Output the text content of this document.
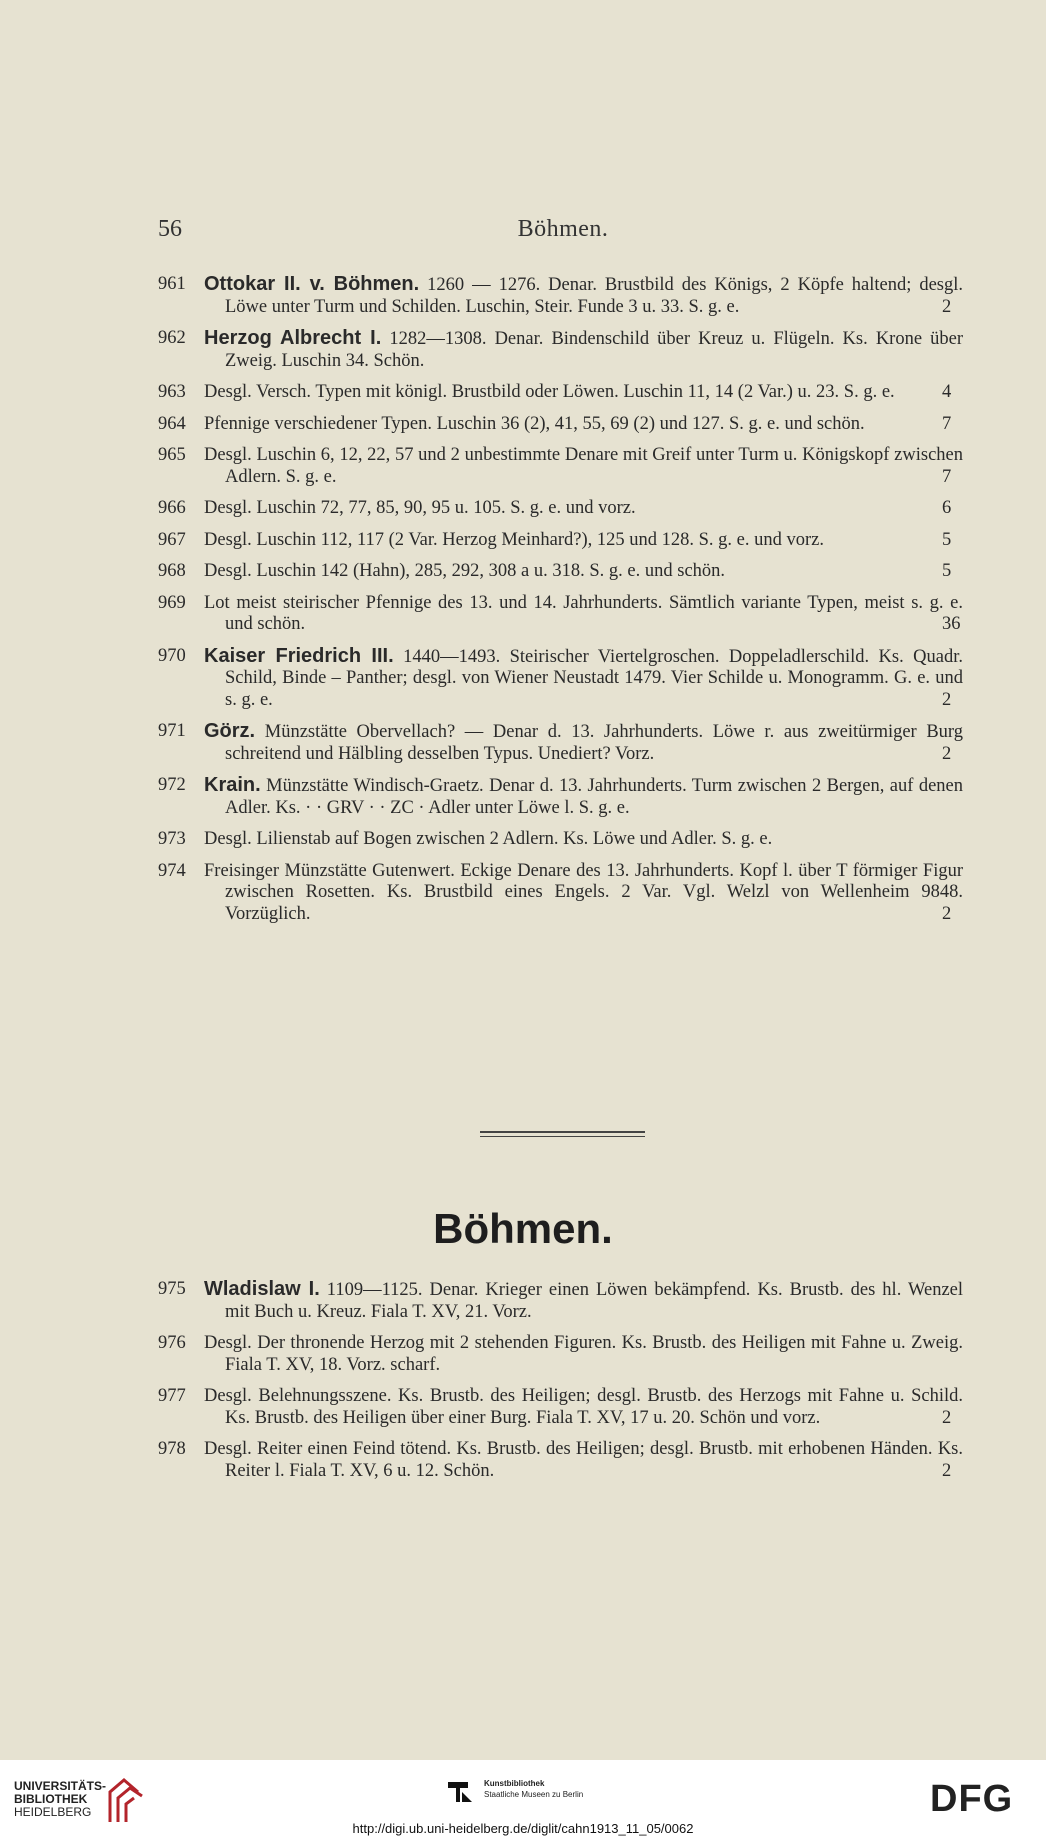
56	Böhmen.
961 Ottokar II. v. Böhmen. 1260 — 1276. Denar. Brustbild des Königs, 2 Köpfe haltend; desgl. Löwe unter Turm und Schilden. Luschin, Steir. Funde 3 u. 33. S. g. e.	2
962 Herzog Albrecht I. 1282—1308. Denar. Bindenschild über Kreuz u. Flügeln. Ks. Krone über Zweig. Luschin 34. Schön.
963 Desgl. Versch. Typen mit königl. Brustbild oder Löwen. Luschin 11, 14 (2 Var.) u. 23. S. g. e.	4
964 Pfennige verschiedener Typen. Luschin 36 (2), 41, 55, 69 (2) und 127. S. g. e. und schön.	7
965 Desgl. Luschin 6, 12, 22, 57 und 2 unbestimmte Denare mit Greif unter Turm u. Königskopf zwischen Adlern. S. g. e.	7
966 Desgl. Luschin 72, 77, 85, 90, 95 u. 105. S. g. e. und vorz.	6
967 Desgl. Luschin 112, 117 (2 Var. Herzog Meinhard?), 125 und 128. S. g. e. und vorz.	5
968 Desgl. Luschin 142 (Hahn), 285, 292, 308 a u. 318. S. g. e. und schön.	5
969 Lot meist steirischer Pfennige des 13. und 14. Jahrhunderts. Sämtlich variante Typen, meist s. g. e. und schön.	36
970 Kaiser Friedrich III. 1440—1493. Steirischer Viertelgroschen. Doppeladlerschild. Ks. Quadr. Schild, Binde – Panther; desgl. von Wiener Neustadt 1479. Vier Schilde u. Monogramm. G. e. und s. g. e.	2
971 Görz. Münzstätte Obervellach? — Denar d. 13. Jahrhunderts. Löwe r. aus zweitürmiger Burg schreitend und Hälbling desselben Typus. Unediert? Vorz.	2
972 Krain. Münzstätte Windisch-Graetz. Denar d. 13. Jahrhunderts. Turm zwischen 2 Bergen, auf denen Adler. Ks. · · GRV · · ZC · Adler unter Löwe l. S. g. e.
973 Desgl. Lilienstab auf Bogen zwischen 2 Adlern. Ks. Löwe und Adler. S. g. e.
974 Freisinger Münzstätte Gutenwert. Eckige Denare des 13. Jahrhunderts. Kopf l. über T förmiger Figur zwischen Rosetten. Ks. Brustbild eines Engels. 2 Var. Vgl. Welzl von Wellenheim 9848. Vorzüglich.	2
Böhmen.
975 Wladislaw I. 1109—1125. Denar. Krieger einen Löwen bekämpfend. Ks. Brustb. des hl. Wenzel mit Buch u. Kreuz. Fiala T. XV, 21. Vorz.
976 Desgl. Der thronende Herzog mit 2 stehenden Figuren. Ks. Brustb. des Heiligen mit Fahne u. Zweig. Fiala T. XV, 18. Vorz. scharf.
977 Desgl. Belehnungsszene. Ks. Brustb. des Heiligen; desgl. Brustb. des Herzogs mit Fahne u. Schild. Ks. Brustb. des Heiligen über einer Burg. Fiala T. XV, 17 u. 20. Schön und vorz.	2
978 Desgl. Reiter einen Feind tötend. Ks. Brustb. des Heiligen; desgl. Brustb. mit erhobenen Händen. Ks. Reiter l. Fiala T. XV, 6 u. 12. Schön.	2
UNIVERSITÄTS-
BIBLIOTHEK
HEIDELBERG
Kunstbibliothek
Staatliche Museen zu Berlin	DFG
http://digi.ub.uni-heidelberg.de/diglit/cahn1913_11_05/0062
